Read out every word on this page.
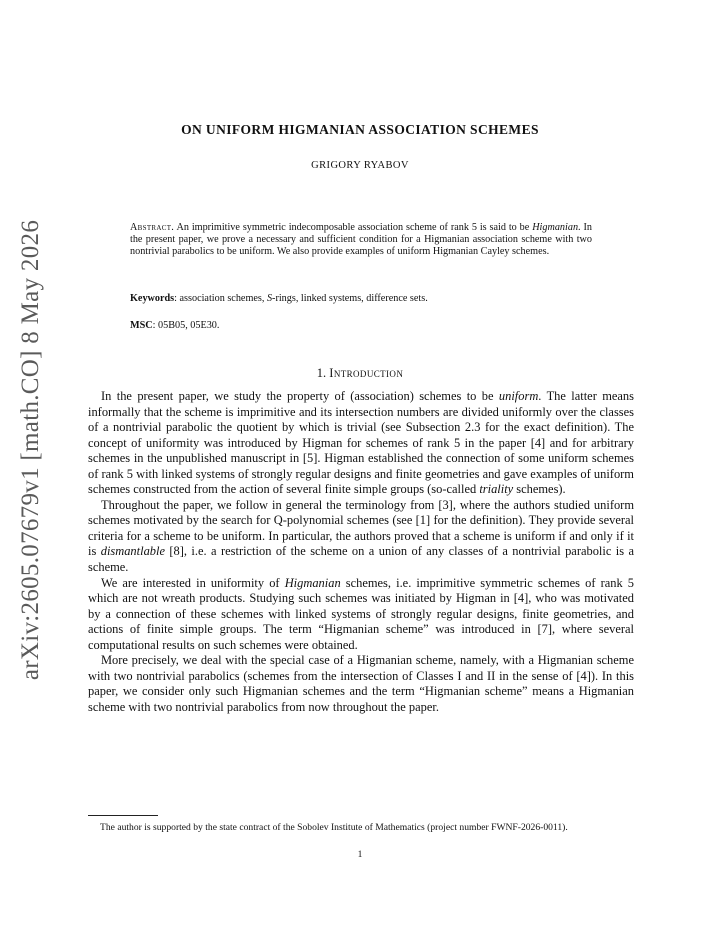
arXiv:2605.07679v1 [math.CO] 8 May 2026
ON UNIFORM HIGMANIAN ASSOCIATION SCHEMES
GRIGORY RYABOV
Abstract. An imprimitive symmetric indecomposable association scheme of rank 5 is said to be Higmanian. In the present paper, we prove a necessary and sufficient condition for a Higmanian association scheme with two nontrivial parabolics to be uniform. We also provide examples of uniform Higmanian Cayley schemes.
Keywords: association schemes, S-rings, linked systems, difference sets.
MSC: 05B05, 05E30.
1. Introduction

In the present paper, we study the property of (association) schemes to be uniform. The latter means informally that the scheme is imprimitive and its intersection numbers are divided uniformly over the classes of a nontrivial parabolic the quotient by which is trivial (see Subsection 2.3 for the exact definition). The concept of uniformity was introduced by Higman for schemes of rank 5 in the paper [4] and for arbitrary schemes in the unpublished manuscript in [5]. Higman established the connection of some uniform schemes of rank 5 with linked systems of strongly regular designs and finite geometries and gave examples of uniform schemes constructed from the action of several finite simple groups (so-called triality schemes).

Throughout the paper, we follow in general the terminology from [3], where the authors studied uniform schemes motivated by the search for Q-polynomial schemes (see [1] for the definition). They provide several criteria for a scheme to be uniform. In particular, the authors proved that a scheme is uniform if and only if it is dismantlable [8], i.e. a restriction of the scheme on a union of any classes of a nontrivial parabolic is a scheme.

We are interested in uniformity of Higmanian schemes, i.e. imprimitive symmetric schemes of rank 5 which are not wreath products. Studying such schemes was initiated by Higman in [4], who was motivated by a connection of these schemes with linked systems of strongly regular designs, finite geometries, and actions of finite simple groups. The term “Higmanian scheme” was introduced in [7], where several computational results on such schemes were obtained.

More precisely, we deal with the special case of a Higmanian scheme, namely, with a Higmanian scheme with two nontrivial parabolics (schemes from the intersection of Classes I and II in the sense of [4]). In this paper, we consider only such Higmanian schemes and the term “Higmanian scheme” means a Higmanian scheme with two nontrivial parabolics from now throughout the paper.

The author is supported by the state contract of the Sobolev Institute of Mathematics (project number FWNF-2026-0011).
1
